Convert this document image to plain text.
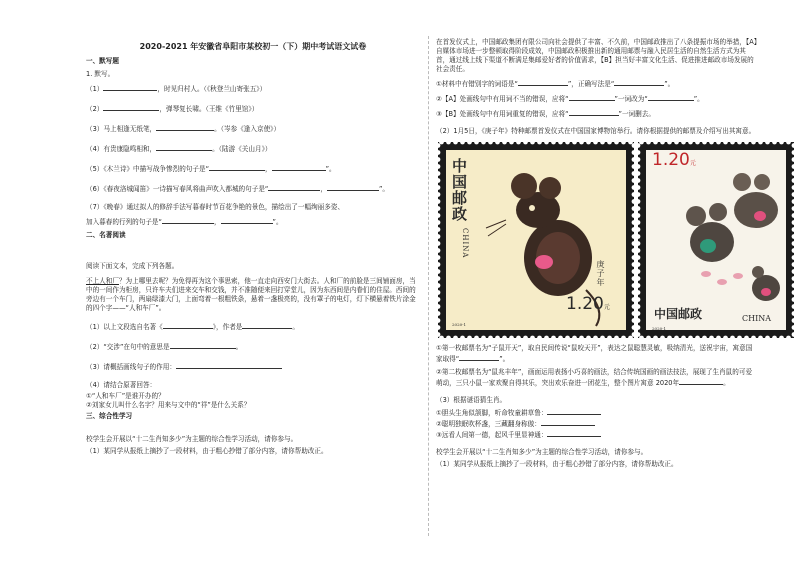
2020-2021 年安徽省阜阳市某校初一（下）期中考试语文试卷
一、默写题
1. 默写。
（1）	，时见归村人。（《秋登兰山寄张五》）
（2）	，弹琴复长啸。（王维《竹里馆》）
（3）马上相逢无纸笔，	。（岑参《逢入京使》）
（4）有贵康隐鸣相和，	。（陆游《关山月》）
（5）《木兰诗》中描写战争惨烈的句子是“	，	”。
（6）《春夜洛城闻笛》一诗描写春风将曲声吹入都城的句子是“	，	”。
（7）《晚春》通过拟人的修辞手法写暮春时节百花争艳的景色，描绘出了一幅绚丽多姿、
加入暮春的行列的句子是“	，	”。
二、名著阅读
阅读下面文本，完成下列各题。
不上人和厂？为上哪里去呢？为免得再为这个事思索，他一直走向西安门大街去。人和厂的前脸是三间铺面房，当中的一间作为柜房，只许车夫们进来交车和交钱，并不准随便来回打穿堂儿，因为东西间是内眷们的住屋。西间的旁边有一个车门，两扇绿漆大门，上面弯着一根粗铁条，悬着一盏极亮的，没有罩子的电灯，灯下横悬着铁片涂金的四个字——“人和车厂”。
（1）以上文段选自名著《	》，作者是	。
（2）“交涉”在句中的意思是	。
（3）请概括画线句子的作用：
（4）请结合原著回答：
①“人和车厂”是谁开办的？
②刘家女儿叫什么名字？用来与文中的“祥”是什么关系？
三、综合性学习
校学生会开展以“十二生肖知多少”为主题的综合性学习活动，请你参与。
（1）某同学从报纸上摘抄了一段材料，由于粗心抄错了部分内容，请你帮助改正。
在首发仪式上，中国邮政集团有限公司向社会提供了丰富、不久前，中国邮政推出了八条提振市场的举措，【A】自媒体市场进一步整顿取得阶段成效，中国邮政积极推出新的通用邮票与融入民居生活的自然生活方式为其首，通过线上线下渠道不断满足集邮爱好者的价值需求，【B】担当好丰富文化生活、促进推进邮政市场发展的社会责任。
①材料中有错别字的词语是“	”，正确写法是“	”。
②【A】处画线句中有用词不当的错误，应将“	”一词改为“	”。
③【B】处画线句中有用词重复的错误，应将“	”一词删去。
（2）1月5日，《庚子年》特种邮票首发仪式在中国国家博物馆举行。请你根据提供的邮票及介绍写出其寓意。
中国邮政
CHINA
庚子年
1.20元
2020-1
1.20元
中国邮政	CHINA
2020-1
①第一枚邮票名为“子鼠开天”，取自民间传说“鼠咬天开”，表达之鼠聪慧灵敏，吸纳清光，送祝宇宙，寓意国家取得“	”。
②第二枚邮票名为“鼠兆丰年”，画面运用表扬小巧喜的画法，结合传统国画的画法技法，展现了生肖鼠的可爱萌动，三只小鼠一家欢聚自得其乐，突出欢乐奋进一团花生，整个图片寓意 2020年	。
（3）根据谜语猜生肖。
①胆头生角似颔脚，听命牧童耕草鲁：
②聪明独眠吹杯盏，三藏翻身称傲：
③远看人间第一德，起风千里显神通：
校学生会开展以“十二生肖知多少”为主题的综合性学习活动，请你参与。
（1）某同学从报纸上摘抄了一段材料，由于粗心抄错了部分内容，请你帮助改正。
